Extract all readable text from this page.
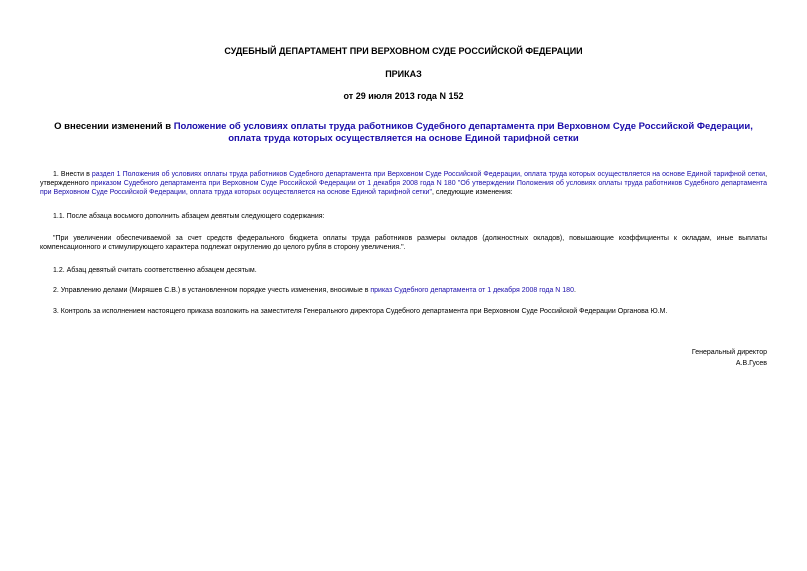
СУДЕБНЫЙ ДЕПАРТАМЕНТ ПРИ ВЕРХОВНОМ СУДЕ РОССИЙСКОЙ ФЕДЕРАЦИИ
ПРИКАЗ
от 29 июля 2013 года N 152
О внесении изменений в Положение об условиях оплаты труда работников Судебного департамента при Верховном Суде Российской Федерации, оплата труда которых осуществляется на основе Единой тарифной сетки
1. Внести в раздел 1 Положения об условиях оплаты труда работников Судебного департамента при Верховном Суде Российской Федерации, оплата труда которых осуществляется на основе Единой тарифной сетки, утвержденного приказом Судебного департамента при Верховном Суде Российской Федерации от 1 декабря 2008 года N 180 "Об утверждении Положения об условиях оплаты труда работников Судебного департамента при Верховном Суде Российской Федерации, оплата труда которых осуществляется на основе Единой тарифной сетки", следующие изменения:
1.1. После абзаца восьмого дополнить абзацем девятым следующего содержания:
"При увеличении обеспечиваемой за счет средств федерального бюджета оплаты труда работников размеры окладов (должностных окладов), повышающие коэффициенты к окладам, иные выплаты компенсационного и стимулирующего характера подлежат округлению до целого рубля в сторону увеличения.".
1.2. Абзац девятый считать соответственно абзацем десятым.
2. Управлению делами (Миряшев С.В.) в установленном порядке учесть изменения, вносимые в приказ Судебного департамента от 1 декабря 2008 года N 180.
3. Контроль за исполнением настоящего приказа возложить на заместителя Генерального директора Судебного департамента при Верховном Суде Российской Федерации Органова Ю.М.
Генеральный директор
А.В.Гусев
